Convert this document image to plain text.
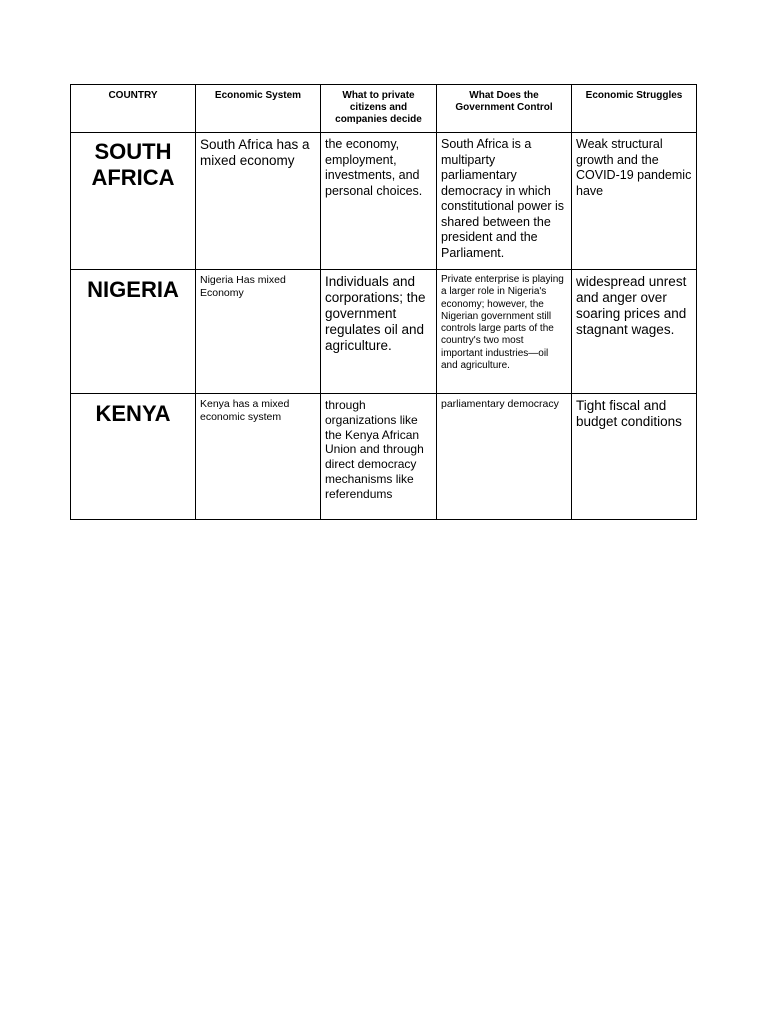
COUNTRY	Economic System	What to private citizens and companies decide	What Does the Government Control	Economic Struggles

SOUTH AFRICA	South Africa has a mixed economy	the economy, employment, investments, and personal choices.	South Africa is a multiparty parliamentary democracy in which constitutional power is shared between the president and the Parliament.	Weak structural growth and the COVID-19 pandemic have

NIGERIA	Nigeria Has mixed Economy	Individuals and corporations; the government regulates oil and agriculture.	Private enterprise is playing a larger role in Nigeria's economy; however, the Nigerian government still controls large parts of the country's two most important industries—oil and agriculture.	widespread unrest and anger over soaring prices and stagnant wages.

KENYA	Kenya has a mixed economic system	through organizations like the Kenya African Union and through direct democracy mechanisms like referendums	parliamentary democracy	Tight fiscal and budget conditions
